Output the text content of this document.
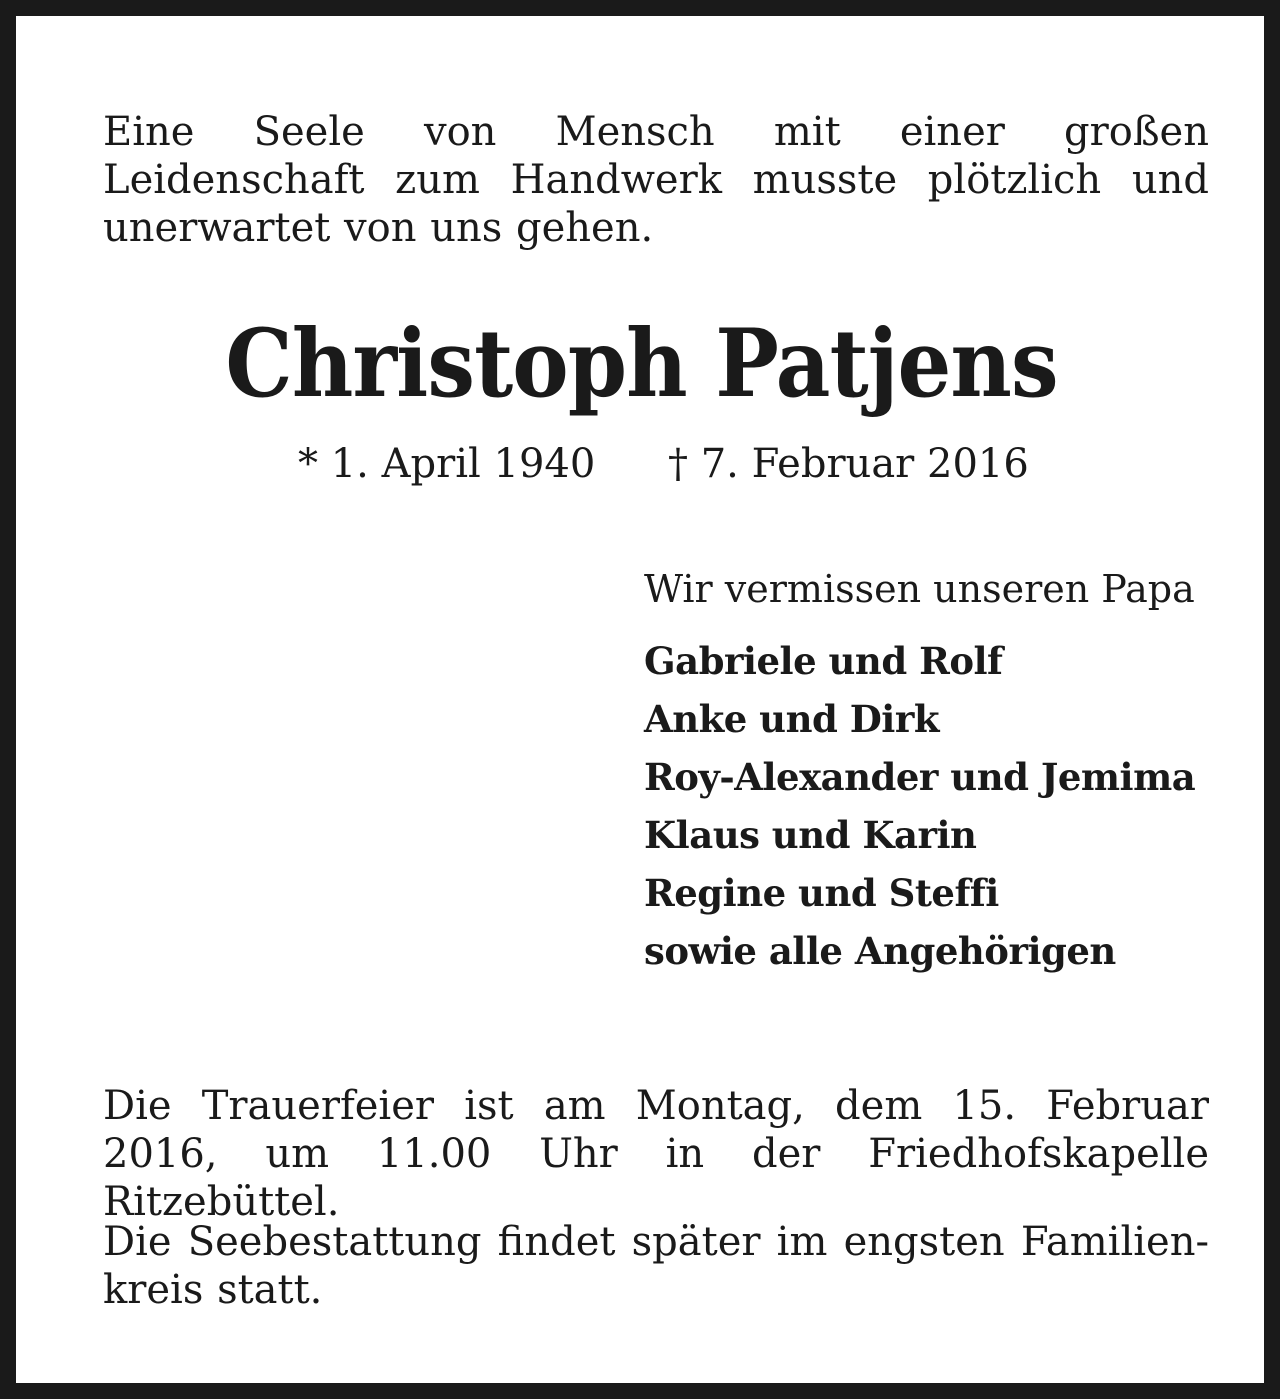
Eine Seele von Mensch mit einer großen Leidenschaft zum Handwerk musste plötzlich und unerwartet von uns gehen.

Christoph Patjens
* 1. April 1940 † 7. Februar 2016
Wir vermissen unseren Papa
Gabriele und Rolf
Anke und Dirk
Roy-Alexander und Jemima
Klaus und Karin
Regine und Steffi
sowie alle Angehörigen

Die Trauerfeier ist am Montag, dem 15. Februar 2016, um 11.00 Uhr in der Friedhofskapelle Ritzebüttel.

Die Seebestattung findet später im engsten Familien-kreis statt.
